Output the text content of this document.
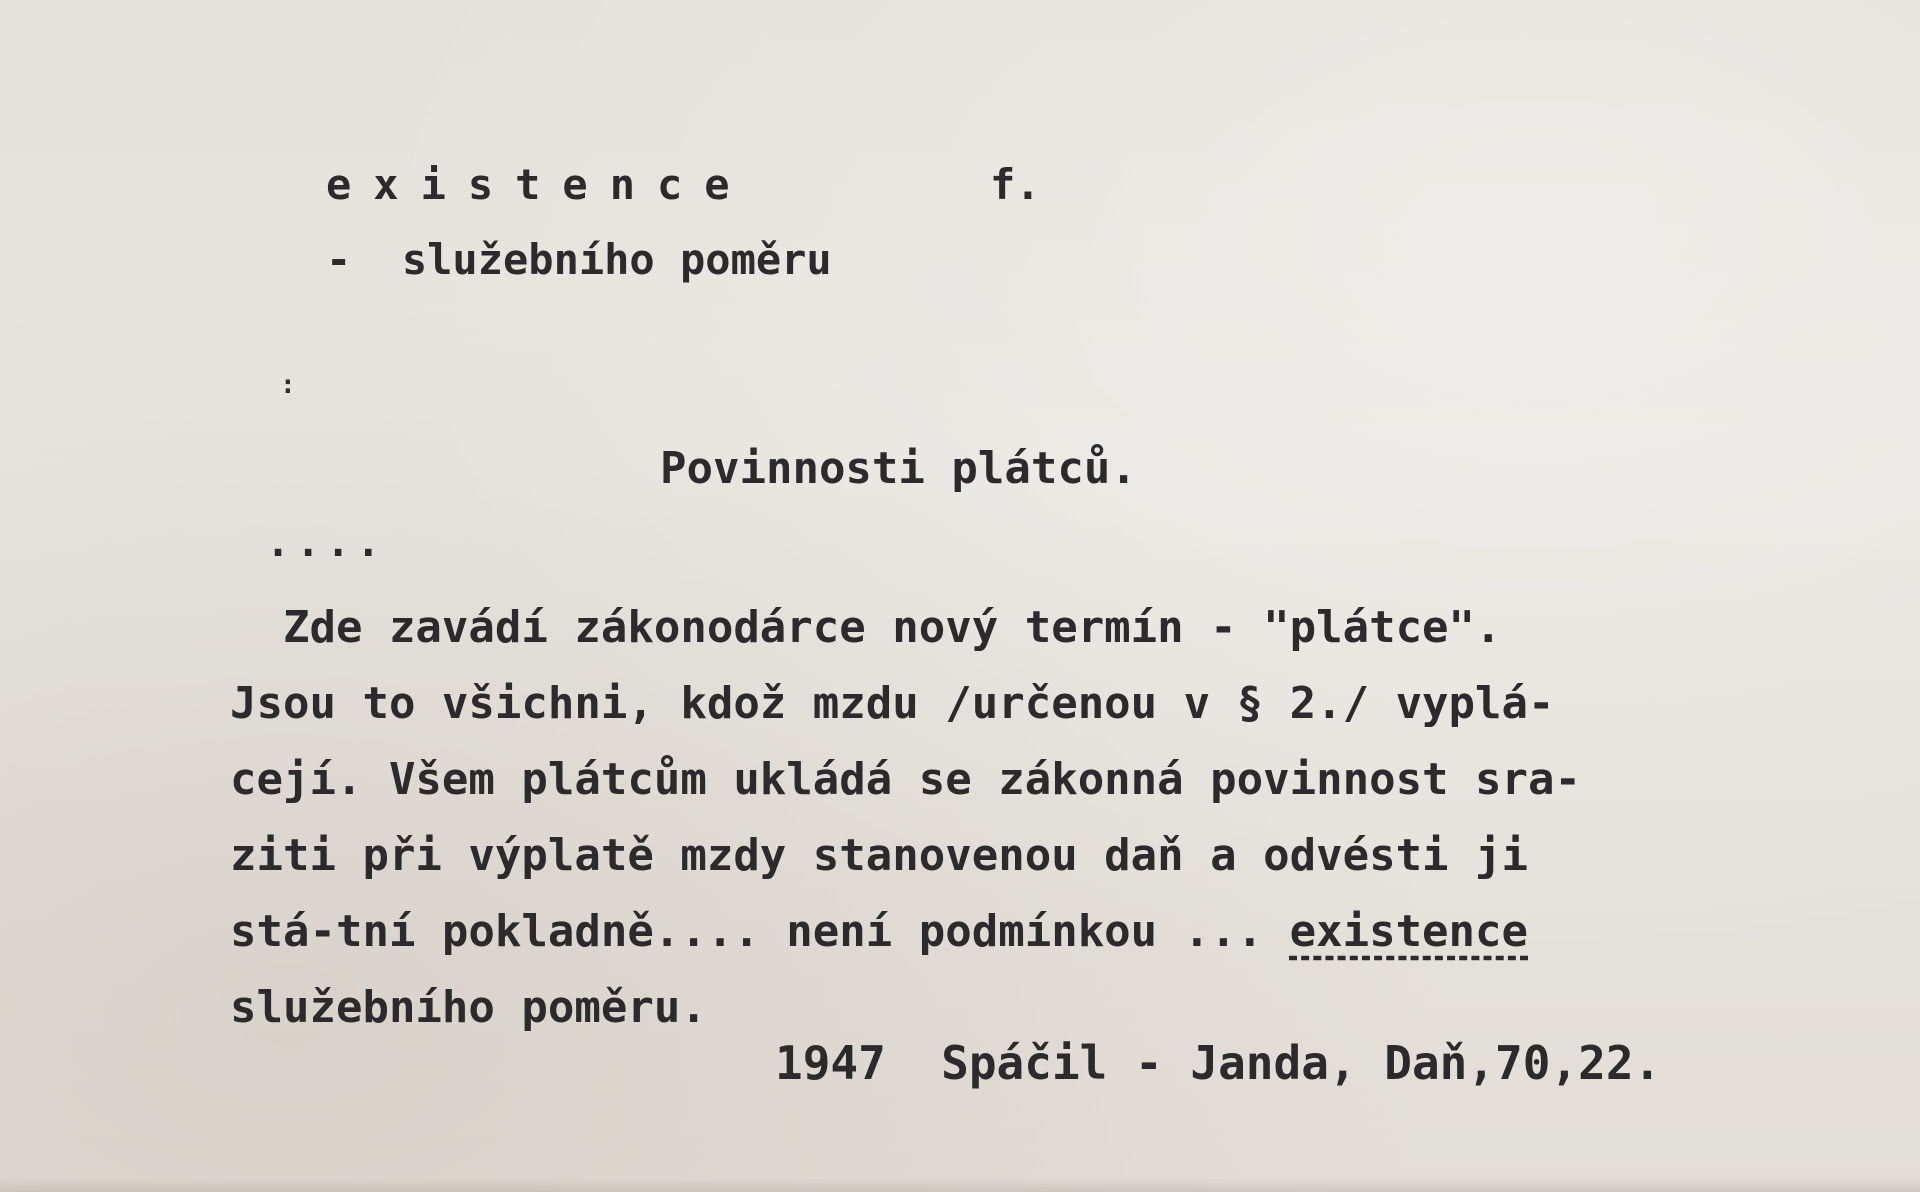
existence	f.
-  služebního poměru
:
Povinnosti plátců.
....
Zde zavádí zákonodárce nový termín - "plátce".
Jsou to všichni, kdož mzdu /určenou v § 2./ vyplá-
cejí. Všem plátcům ukládá se zákonná povinnost sra-
ziti při výplatě mzdy stanovenou daň a odvésti ji
stá-tní pokladně.... není podmínkou ... existence
služebního poměru.
1947  Spáčil - Janda, Daň,70,22.
